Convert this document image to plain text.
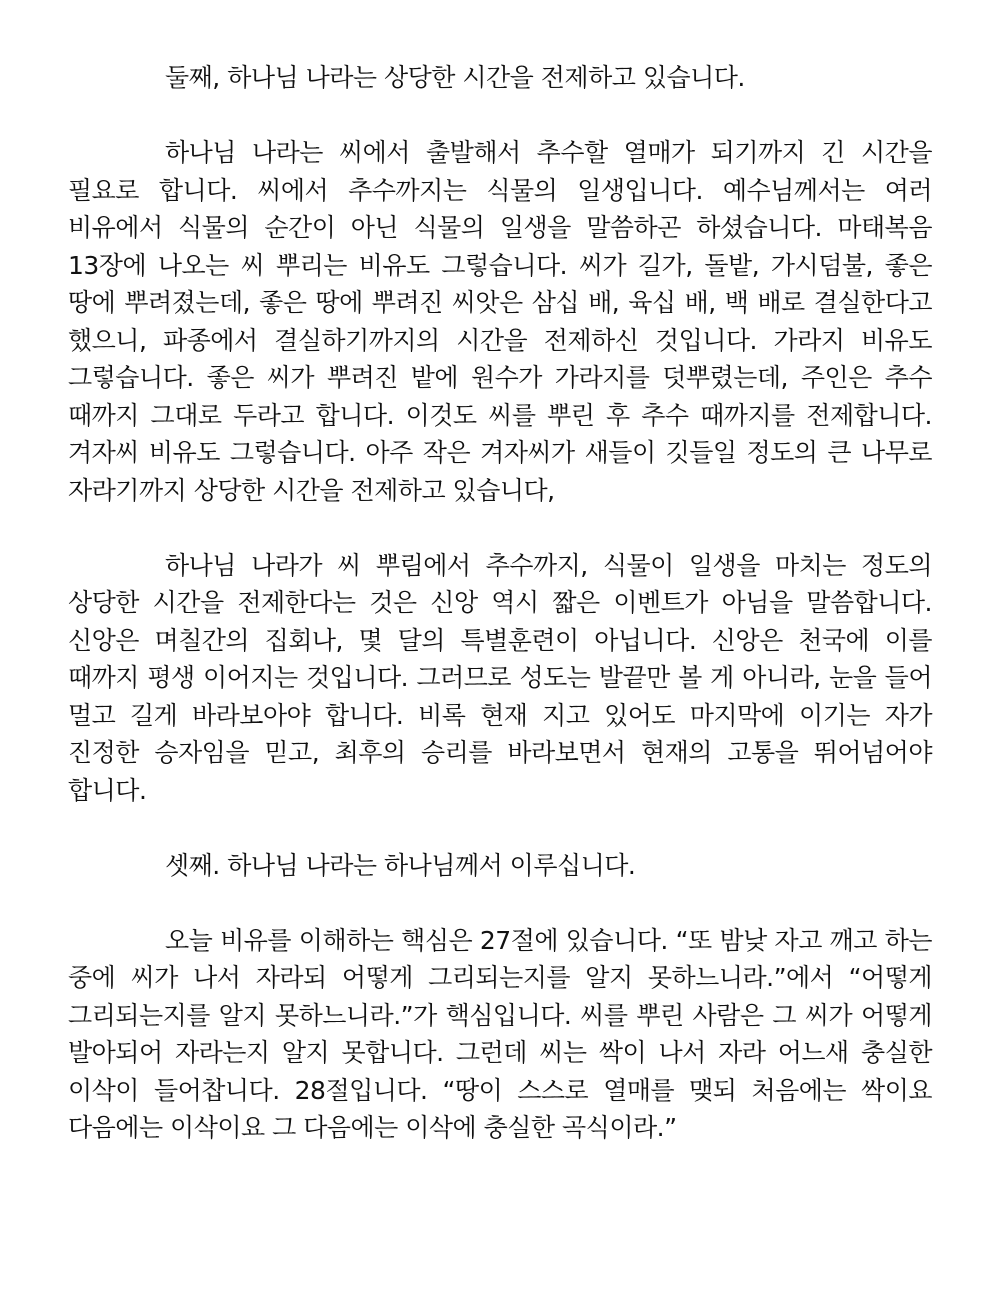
둘째, 하나님 나라는 상당한 시간을 전제하고 있습니다.

하나님 나라는 씨에서 출발해서 추수할 열매가 되기까지 긴 시간을 필요로 합니다. 씨에서 추수까지는 식물의 일생입니다. 예수님께서는 여러 비유에서 식물의 순간이 아닌 식물의 일생을 말씀하곤 하셨습니다. 마태복음 13장에 나오는 씨 뿌리는 비유도 그렇습니다. 씨가 길가, 돌밭, 가시덤불, 좋은 땅에 뿌려졌는데, 좋은 땅에 뿌려진 씨앗은 삼십 배, 육십 배, 백 배로 결실한다고 했으니, 파종에서 결실하기까지의 시간을 전제하신 것입니다. 가라지 비유도 그렇습니다. 좋은 씨가 뿌려진 밭에 원수가 가라지를 덧뿌렸는데, 주인은 추수 때까지 그대로 두라고 합니다. 이것도 씨를 뿌린 후 추수 때까지를 전제합니다. 겨자씨 비유도 그렇습니다. 아주 작은 겨자씨가 새들이 깃들일 정도의 큰 나무로 자라기까지 상당한 시간을 전제하고 있습니다,

하나님 나라가 씨 뿌림에서 추수까지, 식물이 일생을 마치는 정도의 상당한 시간을 전제한다는 것은 신앙 역시 짧은 이벤트가 아님을 말씀합니다. 신앙은 며칠간의 집회나, 몇 달의 특별훈련이 아닙니다. 신앙은 천국에 이를 때까지 평생 이어지는 것입니다. 그러므로 성도는 발끝만 볼 게 아니라, 눈을 들어 멀고 길게 바라보아야 합니다. 비록 현재 지고 있어도 마지막에 이기는 자가 진정한 승자임을 믿고, 최후의 승리를 바라보면서 현재의 고통을 뛰어넘어야 합니다.

셋째. 하나님 나라는 하나님께서 이루십니다.

오늘 비유를 이해하는 핵심은 27절에 있습니다. “또 밤낮 자고 깨고 하는 중에 씨가 나서 자라되 어떻게 그리되는지를 알지 못하느니라.”에서 “어떻게 그리되는지를 알지 못하느니라.”가 핵심입니다. 씨를 뿌린 사람은 그 씨가 어떻게 발아되어 자라는지 알지 못합니다. 그런데 씨는 싹이 나서 자라 어느새 충실한 이삭이 들어찹니다. 28절입니다. “땅이 스스로 열매를 맺되 처음에는 싹이요 다음에는 이삭이요 그 다음에는 이삭에 충실한 곡식이라.”
